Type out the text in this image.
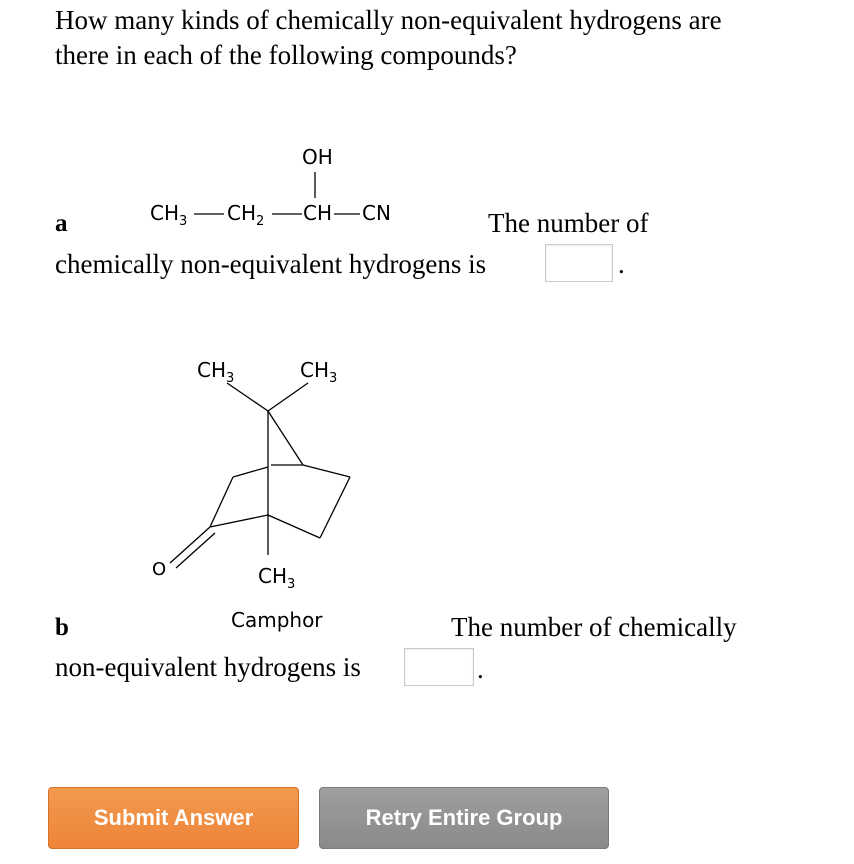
How many kinds of chemically non-equivalent hydrogens are
there in each of the following compounds?
OH
$CH_3$ $CH_2$ CH CN
a	The number of
chemically non-equivalent hydrogens is	.
$CH_3$	$CH_3$
O	$CH_3$
Camphor
b	The number of chemically
non-equivalent hydrogens is	.
Submit Answer	Retry Entire Group
